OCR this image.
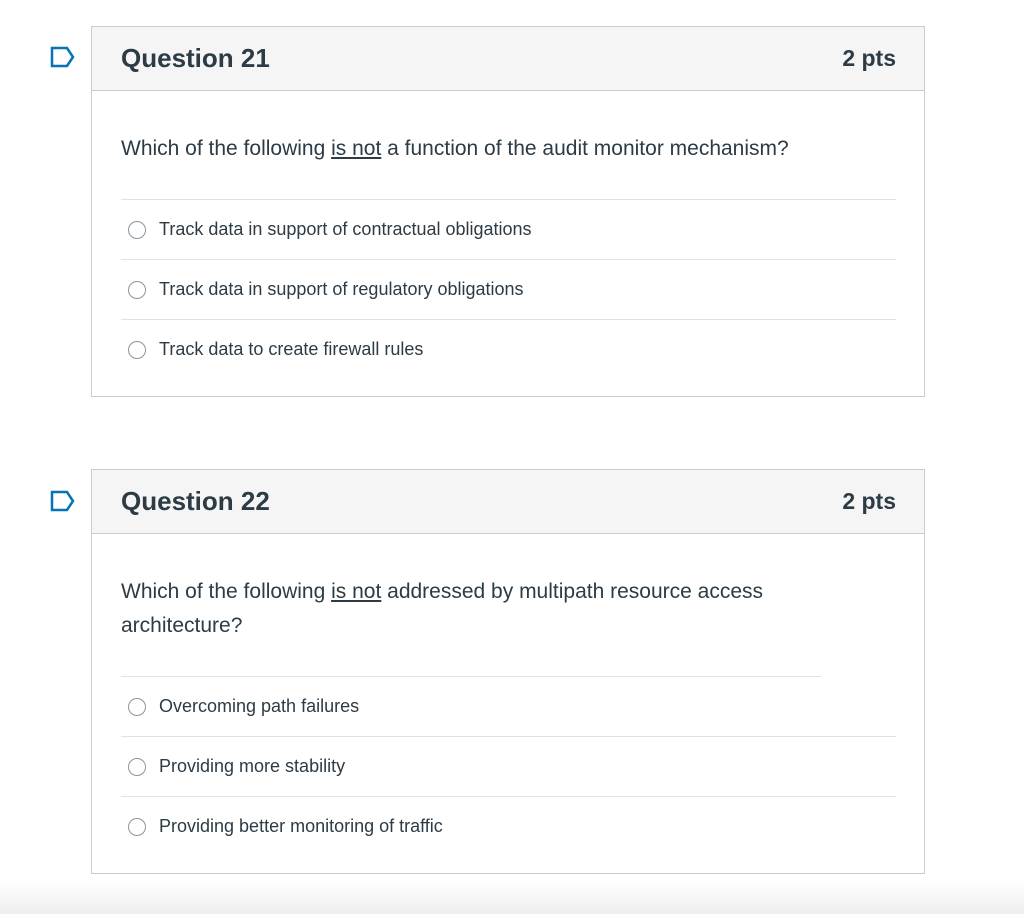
Question 21	2 pts

Which of the following is not a function of the audit monitor mechanism?

Track data in support of contractual obligations
Track data in support of regulatory obligations
Track data to create firewall rules
Question 22	2 pts

Which of the following is not addressed by multipath resource access architecture?

Overcoming path failures
Providing more stability
Providing better monitoring of traffic
